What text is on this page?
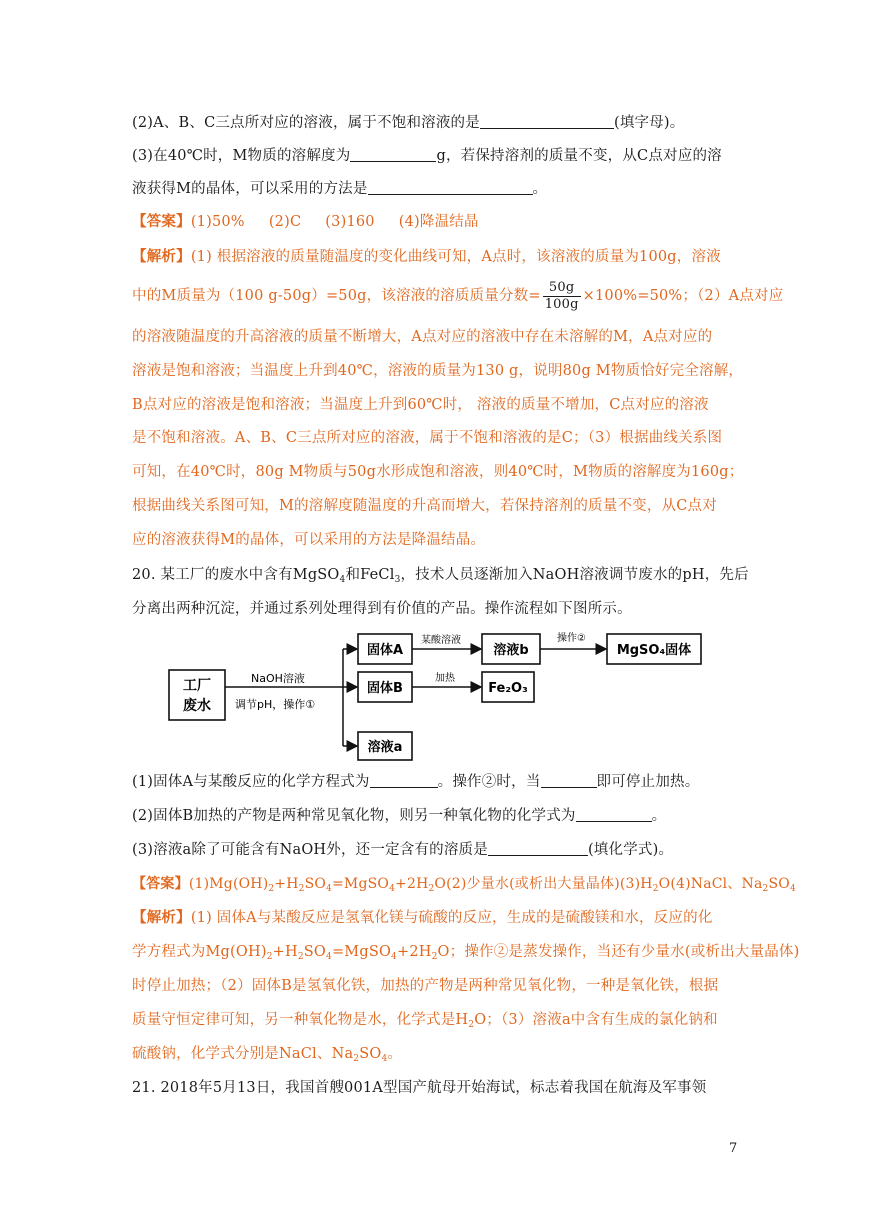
(2)A、B、C三点所对应的溶液，属于不饱和溶液的是	(填字母)。
(3)在40℃时，M物质的溶解度为	g，若保持溶剂的质量不变，从C点对应的溶
液获得M的晶体，可以采用的方法是	。
【答案】(1)50%     (2)C     (3)160     (4)降温结晶
【解析】(1) 根据溶液的质量随温度的变化曲线可知，A点时，该溶液的质量为100g，溶液
中的M质量为（100 g-50g）=50g，该溶液的溶质质量分数= $\frac{50g}{100g} \times 100\%=50\%$；（2）A点对应
的溶液随温度的升高溶液的质量不断增大，A点对应的溶液中存在未溶解的M，A点对应的
溶液是饱和溶液；当温度上升到40℃，溶液的质量为130 g，说明80g M物质恰好完全溶解，
B点对应的溶液是饱和溶液；当温度上升到60℃时， 溶液的质量不增加，C点对应的溶液
是不饱和溶液。A、B、C三点所对应的溶液，属于不饱和溶液的是C；（3）根据曲线关系图
可知，在40℃时，80g M物质与50g水形成饱和溶液，则40℃时，M物质的溶解度为160g；
根据曲线关系图可知，M的溶解度随温度的升高而增大，若保持溶剂的质量不变，从C点对
应的溶液获得M的晶体，可以采用的方法是降温结晶。
20. 某工厂的废水中含有MgSO$_4$和FeCl$_3$，技术人员逐渐加入NaOH溶液调节废水的pH，先后
分离出两种沉淀，并通过系列处理得到有价值的产品。操作流程如下图所示。
工厂
废水
NaOH溶液
调节pH，操作①
固体A
某酸溶液
溶液b
操作②
MgSO₄固体
固体B
加热
Fe₂O₃
溶液a
(1)固体A与某酸反应的化学方程式为	。操作②时，当	即可停止加热。
(2)固体B加热的产物是两种常见氧化物，则另一种氧化物的化学式为	。
(3)溶液a除了可能含有NaOH外，还一定含有的溶质是	(填化学式)。
【答案】$(1)Mg(OH)_2+H_2SO_4=MgSO_4+2H_2O(2)$少量水(或析出大量晶体)$(3)H_2O(4)NaCl$、$Na_2SO_4$
【解析】(1) 固体A与某酸反应是氢氧化镁与硫酸的反应，生成的是硫酸镁和水，反应的化
学方程式为$Mg(OH)_2+H_2SO_4=MgSO_4+2H_2O$；操作②是蒸发操作，当还有少量水(或析出大量晶体)
时停止加热；（2）固体B是氢氧化铁，加热的产物是两种常见氧化物，一种是氧化铁，根据
质量守恒定律可知，另一种氧化物是水，化学式是$H_2O$；（3）溶液a中含有生成的氯化钠和
硫酸钠，化学式分别是NaCl、$Na_2SO_4$。
21. 2018年5月13日，我国首艘001A型国产航母开始海试，标志着我国在航海及军事领
7
